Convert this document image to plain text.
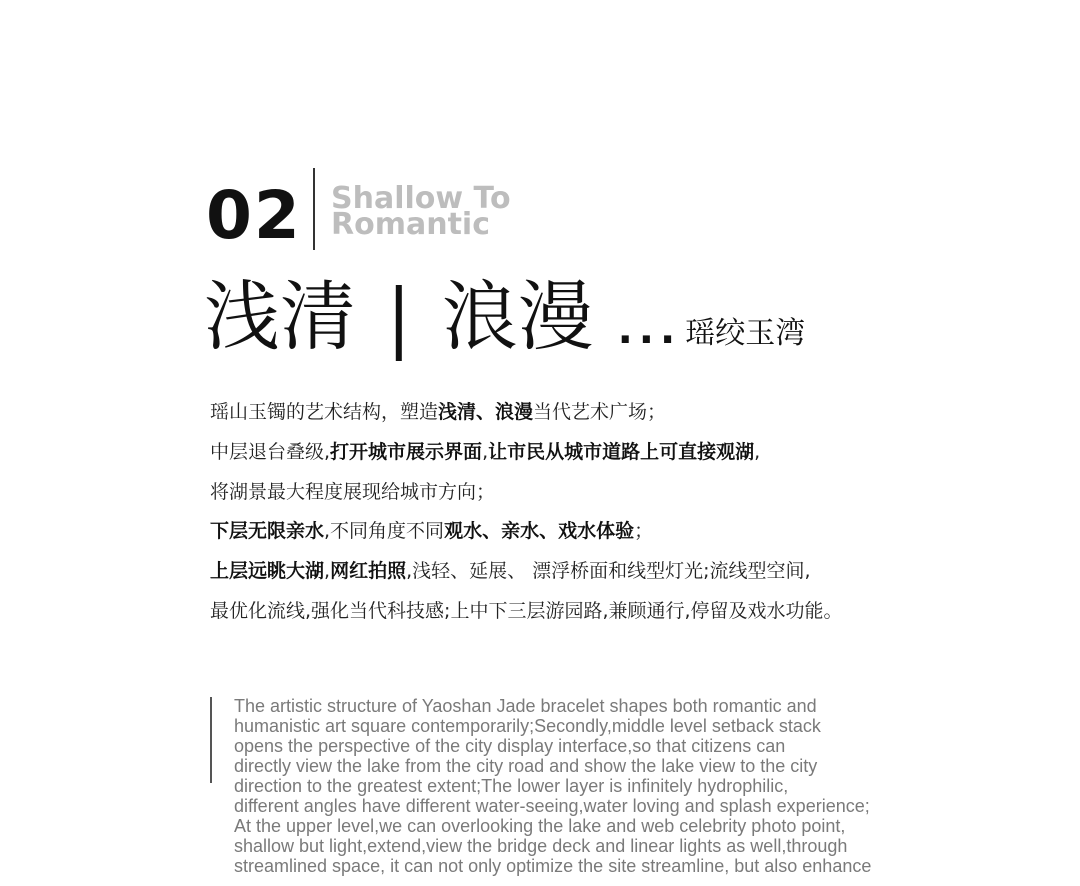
02 Shallow To
Romantic
浅清 | 浪漫 ... 瑶绞玉湾
瑶山玉镯的艺术结构，塑造浅清、浪漫当代艺术广场；
中层退台叠级,打开城市展示界面,让市民从城市道路上可直接观湖,
将湖景最大程度展现给城市方向；
下层无限亲水,不同角度不同观水、亲水、戏水体验；
上层远眺大湖,网红拍照,浅轻、延展、 漂浮桥面和线型灯光;流线型空间,
最优化流线,强化当代科技感;上中下三层游园路,兼顾通行,停留及戏水功能。
The artistic structure of Yaoshan Jade bracelet shapes both romantic and
humanistic art square contemporarily;Secondly,middle level setback stack
opens the perspective of the city display interface,so that citizens can
directly view the lake from the city road and show the lake view to the city
direction to the greatest extent;The lower layer is infinitely hydrophilic,
different angles have different water-seeing,water loving and splash experience;
At the upper level,we can overlooking the lake and web celebrity photo point,
shallow but light,extend,view the bridge deck and linear lights as well,through
streamlined space, it can not only optimize the site streamline, but also enhance
